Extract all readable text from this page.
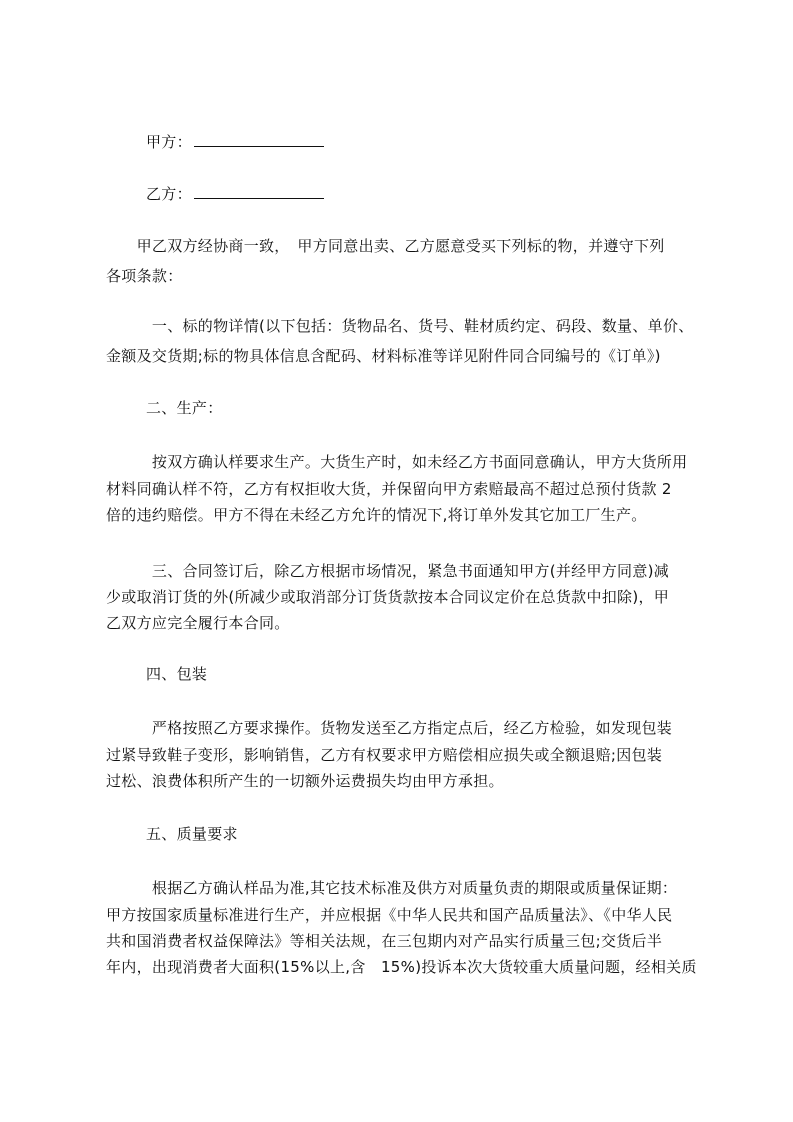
甲方：
乙方：
　　甲乙双方经协商一致，　甲方同意出卖、乙方愿意受买下列标的物，并遵守下列
各项条款：
　　　一、标的物详情(以下包括：货物品名、货号、鞋材质约定、码段、数量、单价、
金额及交货期;标的物具体信息含配码、材料标准等详见附件同合同编号的《订单》)
二、生产：
　　　按双方确认样要求生产。大货生产时，如未经乙方书面同意确认，甲方大货所用
材料同确认样不符，乙方有权拒收大货，并保留向甲方索赔最高不超过总预付货款 2
倍的违约赔偿。甲方不得在未经乙方允许的情况下,将订单外发其它加工厂生产。
　　　三、合同签订后，除乙方根据市场情况，紧急书面通知甲方(并经甲方同意)减
少或取消订货的外(所减少或取消部分订货货款按本合同议定价在总货款中扣除)，甲
乙双方应完全履行本合同。
四、包装
　　　严格按照乙方要求操作。货物发送至乙方指定点后，经乙方检验，如发现包装
过紧导致鞋子变形，影响销售，乙方有权要求甲方赔偿相应损失或全额退赔;因包装
过松、浪费体积所产生的一切额外运费损失均由甲方承担。
五、质量要求
　　　根据乙方确认样品为准,其它技术标准及供方对质量负责的期限或质量保证期：
甲方按国家质量标准进行生产，并应根据《中华人民共和国产品质量法》、《中华人民
共和国消费者权益保障法》等相关法规，在三包期内对产品实行质量三包;交货后半
年内，出现消费者大面积(15%以上,含　15%)投诉本次大货较重大质量问题，经相关质
